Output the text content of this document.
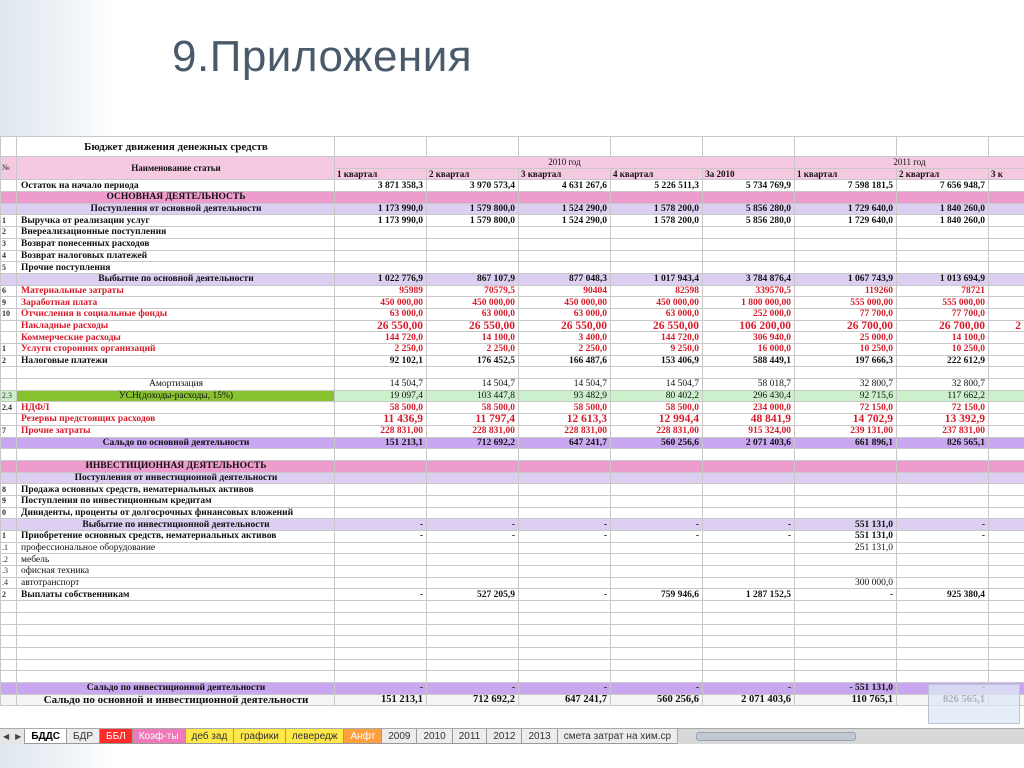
9.Приложения
	Бюджет движения денежных средств								
№	Наименование статьи	2010 год					2011 год		
		1 квартал	2 квартал	3 квартал	4 квартал	За 2010	1 квартал	2 квартал	3 к
	Остаток на начало периода	3 871 358,3	3 970 573,4	4 631 267,6	5 226 511,3	5 734 769,9	7 598 181,5	7 656 948,7	
	ОСНОВНАЯ ДЕЯТЕЛЬНОСТЬ								
	Поступления от основной деятельности	1 173 990,0	1 579 800,0	1 524 290,0	1 578 200,0	5 856 280,0	1 729 640,0	1 840 260,0	
1	Выручка от реализации услуг	1 173 990,0	1 579 800,0	1 524 290,0	1 578 200,0	5 856 280,0	1 729 640,0	1 840 260,0	
2	Внереализационные поступления								
3	Возврат понесенных расходов								
4	Возврат налоговых платежей								
5	Прочие поступления								
	Выбытие по основной деятельности	1 022 776,9	867 107,9	877 048,3	1 017 943,4	3 784 876,4	1 067 743,9	1 013 694,9	
6	Материальные затраты	95989	70579,5	90404	82598	339570,5	119260	78721	
9	Заработная плата	450 000,00	450 000,00	450 000,00	450 000,00	1 800 000,00	555 000,00	555 000,00	
10	Отчисления в социальные фонды	63 000,0	63 000,0	63 000,0	63 000,0	252 000,0	77 700,0	77 700,0	
	Накладные расходы	26 550,00	26 550,00	26 550,00	26 550,00	106 200,00	26 700,00	26 700,00	2
	Коммерческие расходы	144 720,0	14 100,0	3 400,0	144 720,0	306 940,0	25 000,0	14 100,0	
1	Услуги сторонних организаций	2 250,0	2 250,0	2 250,0	9 250,0	16 000,0	10 250,0	10 250,0	
2	Налоговые платежи	92 102,1	176 452,5	166 487,6	153 406,9	588 449,1	197 666,3	222 612,9	

	Амортизация	14 504,7	14 504,7	14 504,7	14 504,7	58 018,7	32 800,7	32 800,7	
2.3	УСН(доходы-расходы, 15%)	19 097,4	103 447,8	93 482,9	80 402,2	296 430,4	92 715,6	117 662,2	
2.4	НДФЛ	58 500,0	58 500,0	58 500,0	58 500,0	234 000,0	72 150,0	72 150,0	
	Резервы предстоящих расходов	11 436,9	11 797,4	12 613,3	12 994,4	48 841,9	14 702,9	13 392,9	
7	Прочие затраты	228 831,00	228 831,00	228 831,00	228 831,00	915 324,00	239 131,00	237 831,00	
	Сальдо по основной деятельности	151 213,1	712 692,2	647 241,7	560 256,6	2 071 403,6	661 896,1	826 565,1	

	ИНВЕСТИЦИОННАЯ ДЕЯТЕЛЬНОСТЬ								
	Поступления от инвестиционной деятельности								
8	Продажа основных средств, нематериальных активов								
9	Поступления по инвестиционным кредитам								
0	Дивиденты, проценты от долгосрочных финансовых вложений								
	Выбытие по инвестиционной деятельности	-	-	-	-	-	551 131,0	-	
1	Приобретение основных средств, нематериальных активов	-	-	-	-	-	551 131,0	-	
.1	профессиональное оборудование						251 131,0		
.2	мебель								
.3	офисная техника								
.4	автотранспорт						300 000,0		
2	Выплаты собственникам	-	527 205,9	-	759 946,6	1 287 152,5	-	925 380,4	

	Сальдо по инвестиционной деятельности	-	-	-	-	-	- 551 131,0		
	Сальдо по основной и инвестиционной деятельности	151 213,1	712 692,2	647 241,7	560 256,6	2 071 403,6	110 765,1		
◀ ▶	БДДС	БДР	ББЛ	Коэф-ты	деб зад	графики	левередж	Анфт	2009	2010	2011	2012	2013	смета затрат на хим.ср
